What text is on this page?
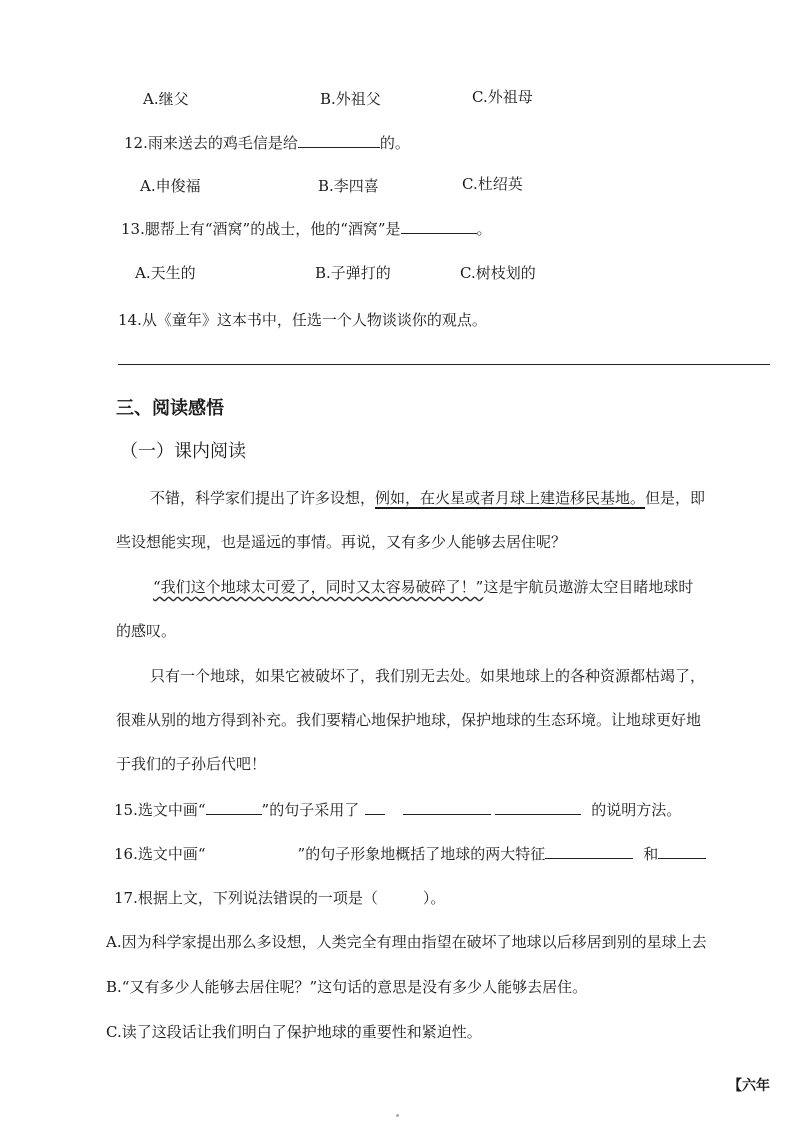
A.继父	B.外祖父	C.外祖母
12.雨来送去的鸡毛信是给	的。
A.申俊福	B.李四喜	C.杜绍英
13.腮帮上有“酒窝”的战士，他的“酒窝”是	。
A.天生的	B.子弹打的	C.树枝划的
14.从《童年》这本书中，任选一个人物谈谈你的观点。
三、阅读感悟
（一）课内阅读
不错，科学家们提出了许多设想，例如，在火星或者月球上建造移民基地。但是，即
些设想能实现，也是遥远的事情。再说，又有多少人能够去居住呢？
“我们这个地球太可爱了，同时又太容易破碎了！”这是宇航员遨游太空目睹地球时
的感叹。
只有一个地球，如果它被破坏了，我们别无去处。如果地球上的各种资源都枯竭了，
很难从别的地方得到补充。我们要精心地保护地球，保护地球的生态环境。让地球更好地
于我们的子孙后代吧！
15.选文中画“	”的句子采用了	的说明方法。
16.选文中画“	”的句子形象地概括了地球的两大特征	和
17.根据上文，下列说法错误的一项是（　　　）。
A.因为科学家提出那么多设想，人类完全有理由指望在破坏了地球以后移居到别的星球上去
B.“又有多少人能够去居住呢？”这句话的意思是没有多少人能够去居住。
C.读了这段话让我们明白了保护地球的重要性和紧迫性。
【六年
